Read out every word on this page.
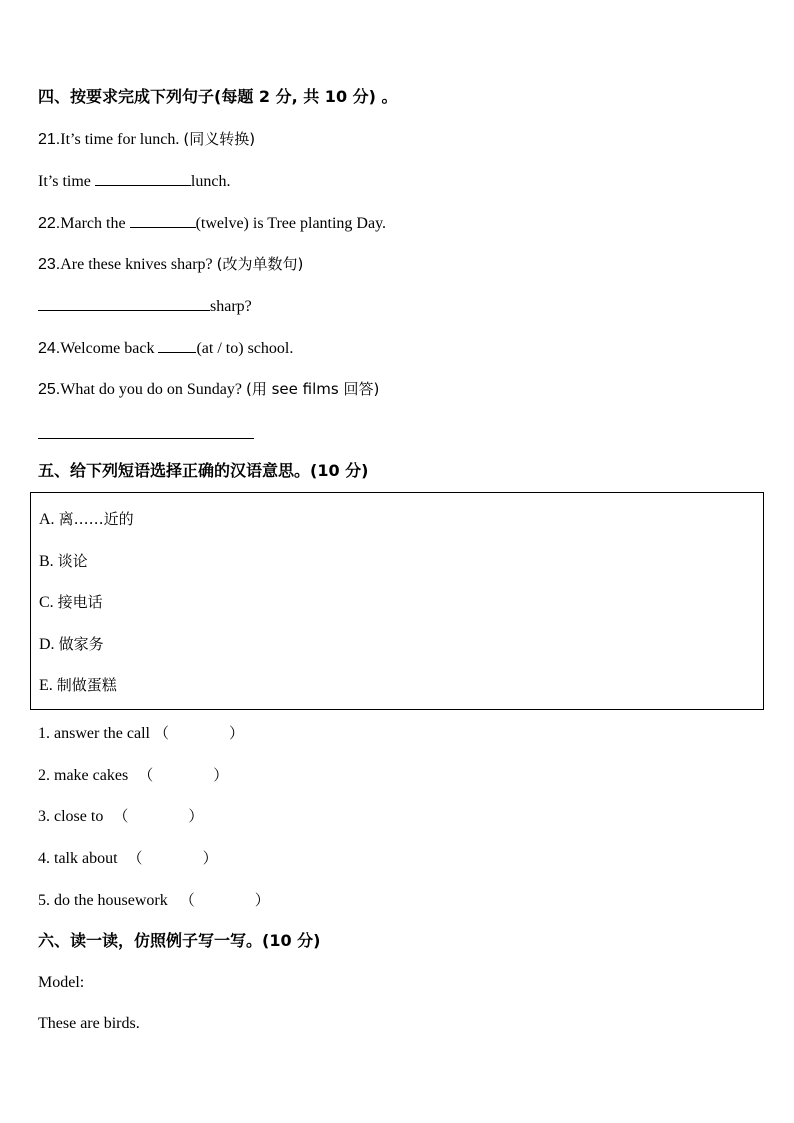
四、按要求完成下列句子(每题 2 分, 共 10 分) 。
21.It’s time for lunch. (同义转换)
It’s time	lunch.
22.March the	(twelve) is Tree planting Day.
23.Are these knives sharp? (改为单数句)
sharp?
24.Welcome back	(at / to) school.
25.What do you do on Sunday? (用 see films 回答)
五、给下列短语选择正确的汉语意思。(10 分)
A. 离……近的
B. 谈论
C. 接电话
D. 做家务
E. 制做蛋糕
1. answer the call （	）
2. make cakes （	）
3. close to （	）
4. talk about （	）
5. do the housework （	）
六、读一读，仿照例子写一写。(10 分)
Model:
These are birds.
